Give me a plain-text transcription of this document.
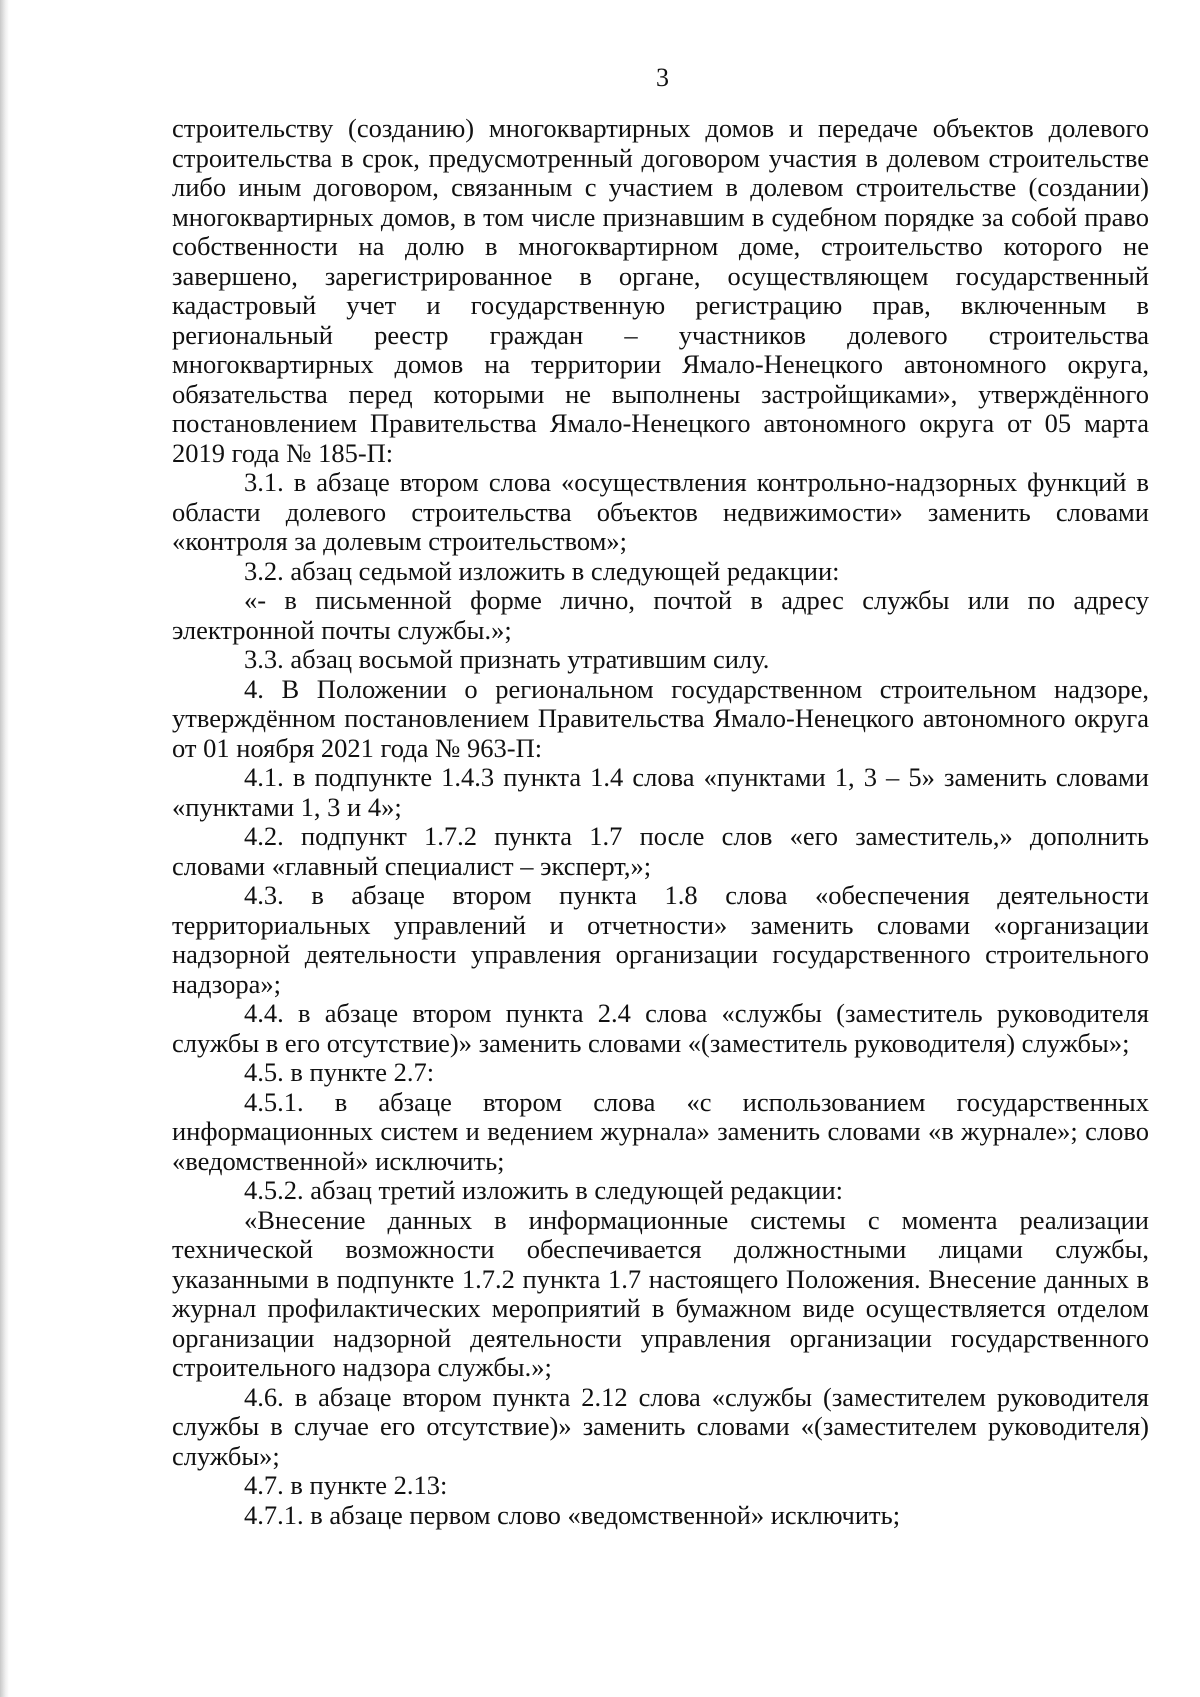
3

строительству (созданию) многоквартирных домов и передаче объектов долевого строительства в срок, предусмотренный договором участия в долевом строительстве либо иным договором, связанным с участием в долевом строительстве (создании) многоквартирных домов, в том числе признавшим в судебном порядке за собой право собственности на долю в многоквартирном доме, строительство которого не завершено, зарегистрированное в органе, осуществляющем государственный кадастровый учет и государственную регистрацию прав, включенным в региональный реестр граждан – участников долевого строительства многоквартирных домов на территории Ямало-Ненецкого автономного округа, обязательства перед которыми не выполнены застройщиками», утверждённого постановлением Правительства Ямало-Ненецкого автономного округа от 05 марта 2019 года № 185-П:

3.1. в абзаце втором слова «осуществления контрольно-надзорных функций в области долевого строительства объектов недвижимости» заменить словами «контроля за долевым строительством»;

3.2. абзац седьмой изложить в следующей редакции:

«- в письменной форме лично, почтой в адрес службы или по адресу электронной почты службы.»;

3.3. абзац восьмой признать утратившим силу.

4. В Положении о региональном государственном строительном надзоре, утверждённом постановлением Правительства Ямало-Ненецкого автономного округа от 01 ноября 2021 года № 963-П:

4.1. в подпункте 1.4.3 пункта 1.4 слова «пунктами 1, 3 – 5» заменить словами «пунктами 1, 3 и 4»;

4.2. подпункт 1.7.2 пункта 1.7 после слов «его заместитель,» дополнить словами «главный специалист – эксперт,»;

4.3. в абзаце втором пункта 1.8 слова «обеспечения деятельности территориальных управлений и отчетности» заменить словами «организации надзорной деятельности управления организации государственного строительного надзора»;

4.4. в абзаце втором пункта 2.4 слова «службы (заместитель руководителя службы в его отсутствие)» заменить словами «(заместитель руководителя) службы»;

4.5. в пункте 2.7:

4.5.1. в абзаце втором слова «с использованием государственных информационных систем и ведением журнала» заменить словами «в журнале»; слово «ведомственной» исключить;

4.5.2. абзац третий изложить в следующей редакции:

«Внесение данных в информационные системы с момента реализации технической возможности обеспечивается должностными лицами службы, указанными в подпункте 1.7.2 пункта 1.7 настоящего Положения. Внесение данных в журнал профилактических мероприятий в бумажном виде осуществляется отделом организации надзорной деятельности управления организации государственного строительного надзора службы.»;

4.6. в абзаце втором пункта 2.12 слова «службы (заместителем руководителя службы в случае его отсутствие)» заменить словами «(заместителем руководителя) службы»;

4.7. в пункте 2.13:

4.7.1. в абзаце первом слово «ведомственной» исключить;
